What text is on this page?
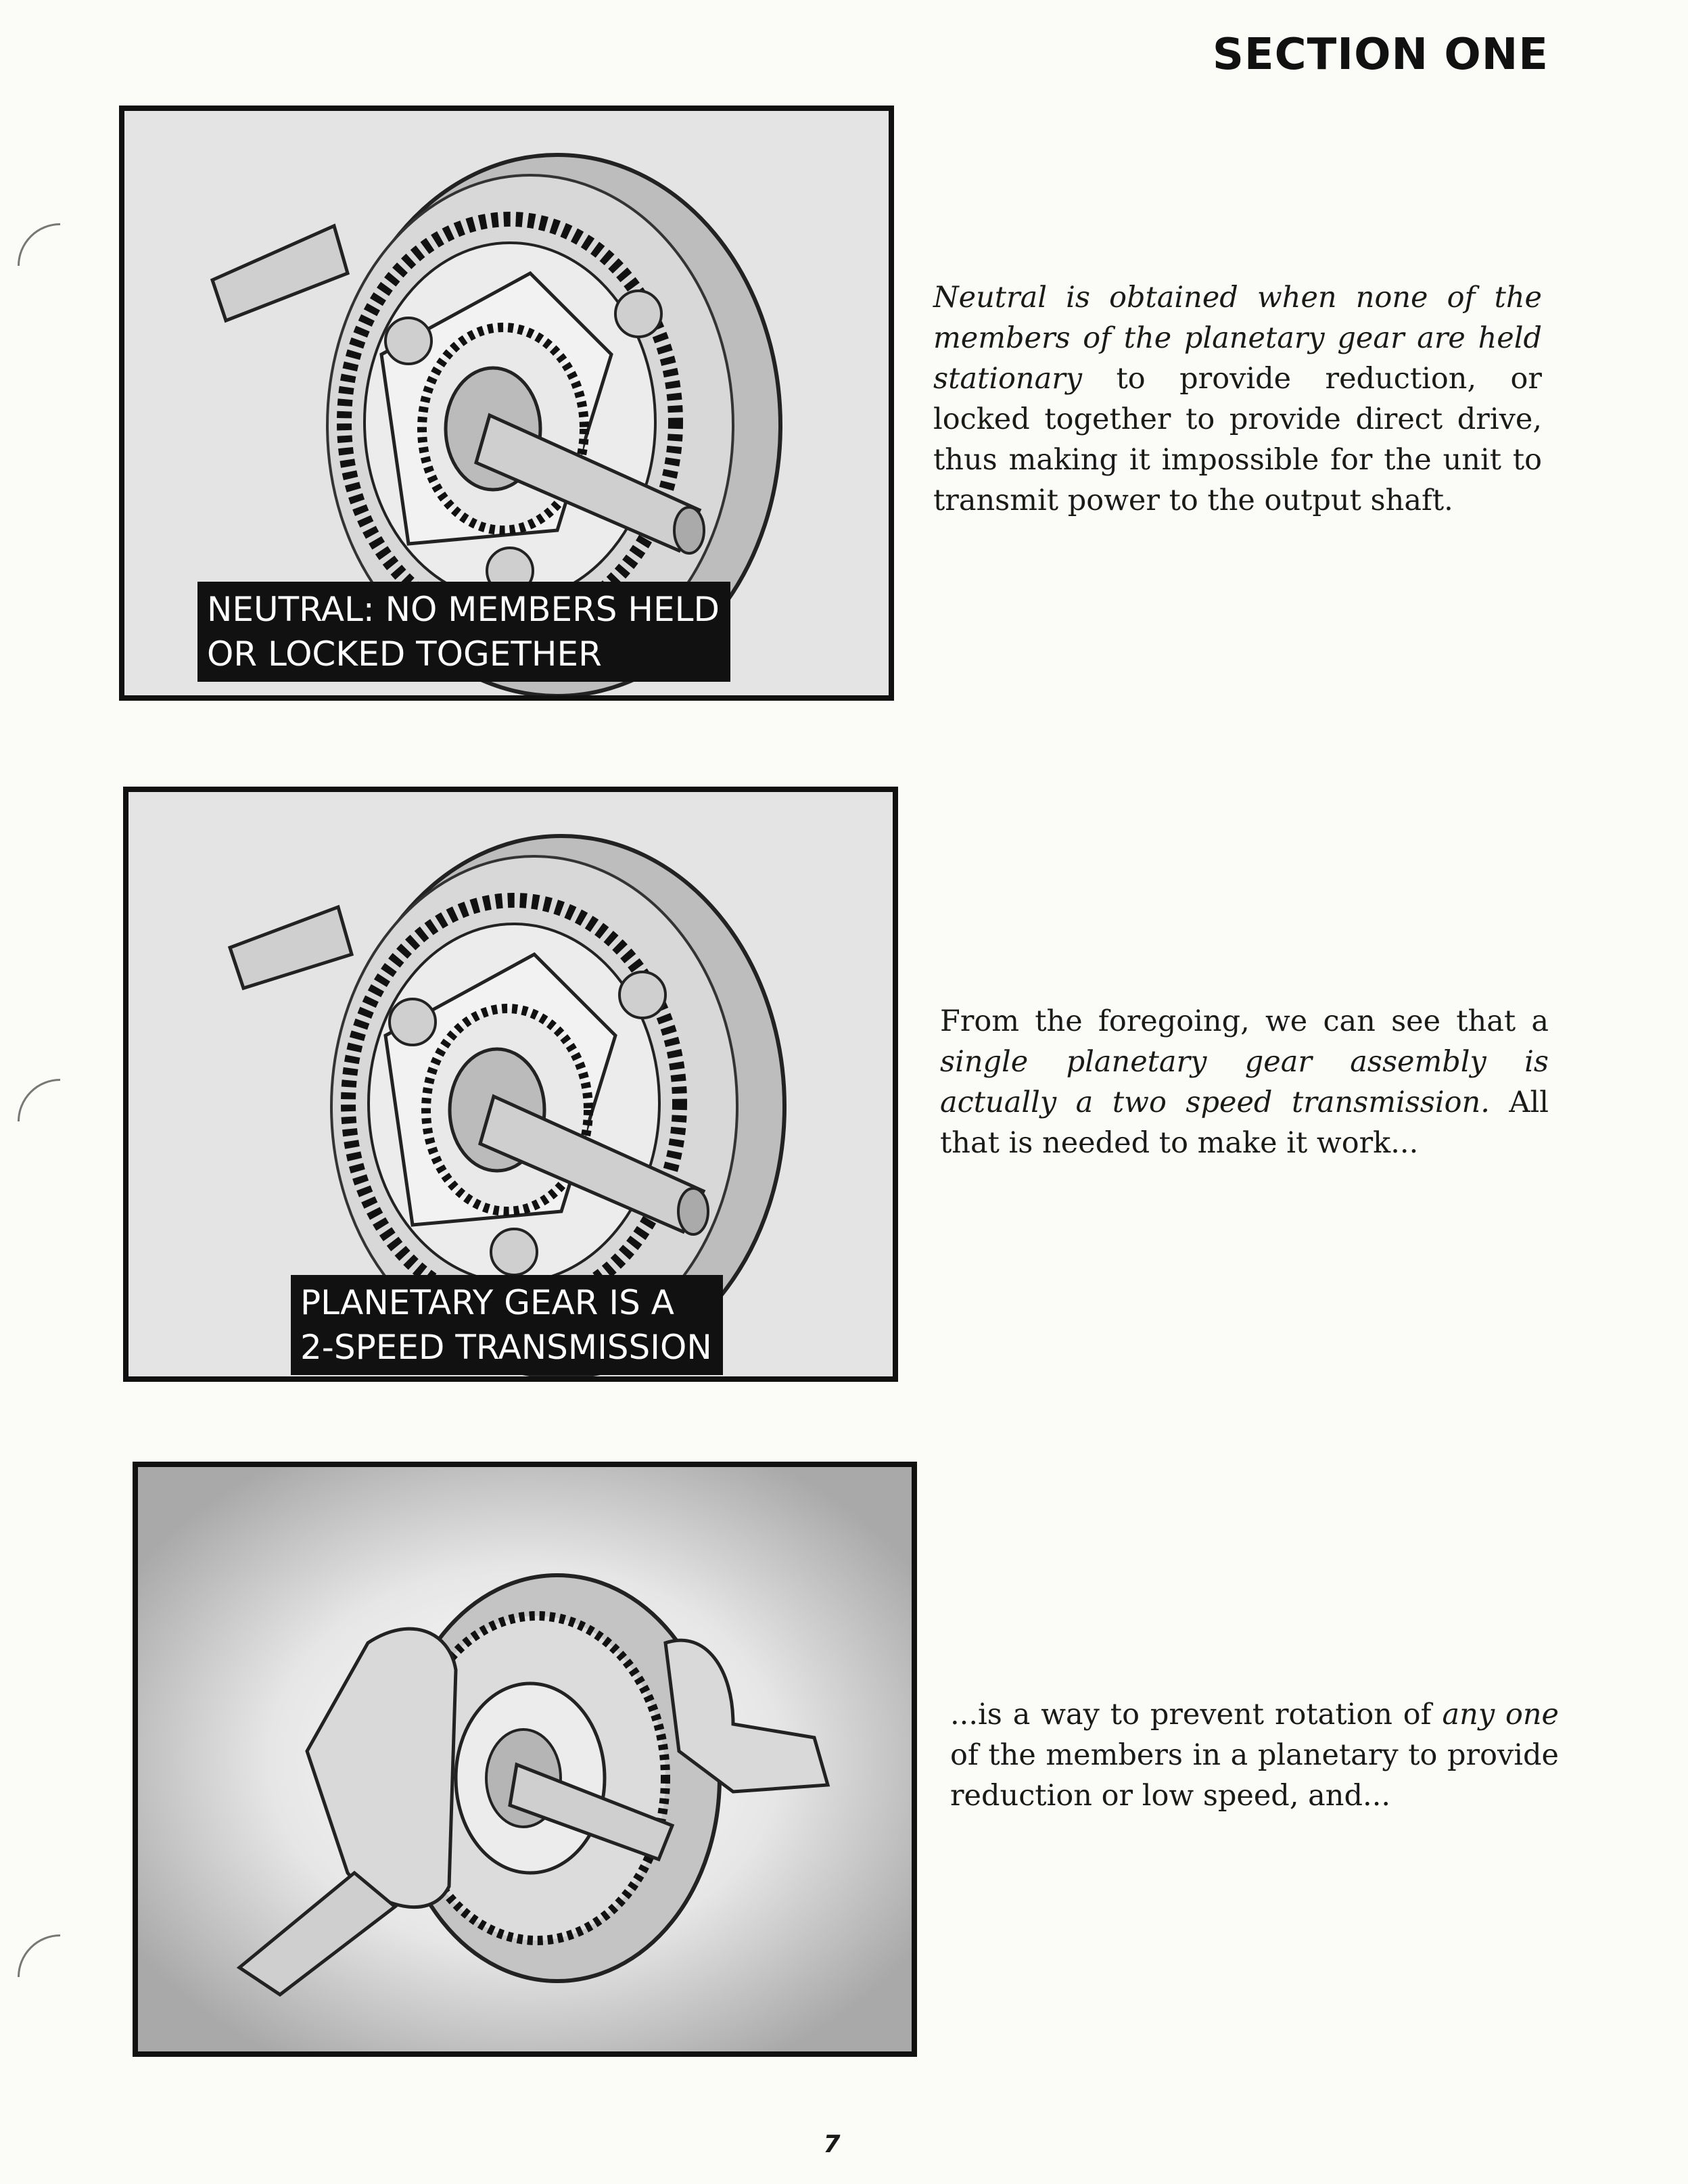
SECTION ONE
NEUTRAL: NO MEMBERS HELD
OR LOCKED TOGETHER

Neutral is obtained when none of the members of the planetary gear are held stationary to provide reduction, or locked together to provide direct drive, thus making it impossible for the unit to transmit power to the output shaft.

PLANETARY GEAR IS A
2-SPEED TRANSMISSION

From the foregoing, we can see that a single planetary gear assembly is actually a two speed transmission. All that is needed to make it work...

...is a way to prevent rotation of any one of the members in a planetary to provide reduction or low speed, and...

7
